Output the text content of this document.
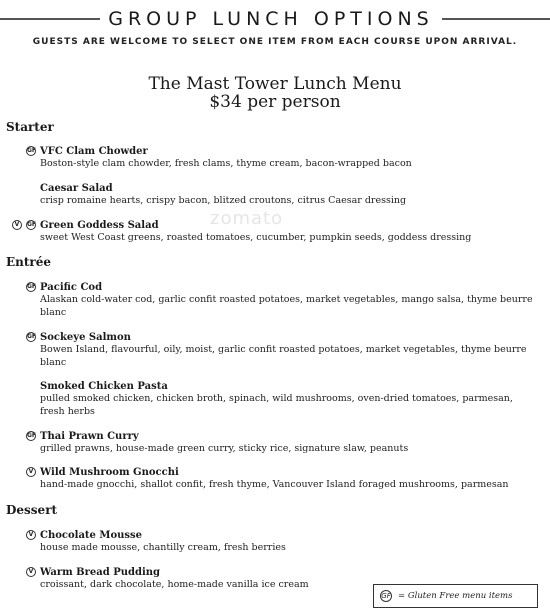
GROUP LUNCH OPTIONS
GUESTS ARE WELCOME TO SELECT ONE ITEM FROM EACH COURSE UPON ARRIVAL.
The Mast Tower Lunch Menu
$34 per person
zomato
Starter
GF VFC Clam Chowder
Boston-style clam chowder, fresh clams, thyme cream, bacon-wrapped bacon
Caesar Salad
crisp romaine hearts, crispy bacon, blitzed croutons, citrus Caesar dressing
V	GF Green Goddess Salad
sweet West Coast greens, roasted tomatoes, cucumber, pumpkin seeds, goddess dressing
Entrée
GF Pacific Cod
Alaskan cold-water cod, garlic confit roasted potatoes, market vegetables, mango salsa, thyme beurre blanc
GF Sockeye Salmon
Bowen Island, flavourful, oily, moist, garlic confit roasted potatoes, market vegetables, thyme beurre blanc
Smoked Chicken Pasta
pulled smoked chicken, chicken broth, spinach, wild mushrooms, oven-dried tomatoes, parmesan, fresh herbs
GF Thai Prawn Curry
grilled prawns, house-made green curry, sticky rice, signature slaw, peanuts
V Wild Mushroom Gnocchi
hand-made gnocchi, shallot confit, fresh thyme, Vancouver Island foraged mushrooms, parmesan
Dessert
V Chocolate Mousse
house made mousse, chantilly cream, fresh berries
V Warm Bread Pudding
croissant, dark chocolate, home-made vanilla ice cream
GF = Gluten Free menu items
